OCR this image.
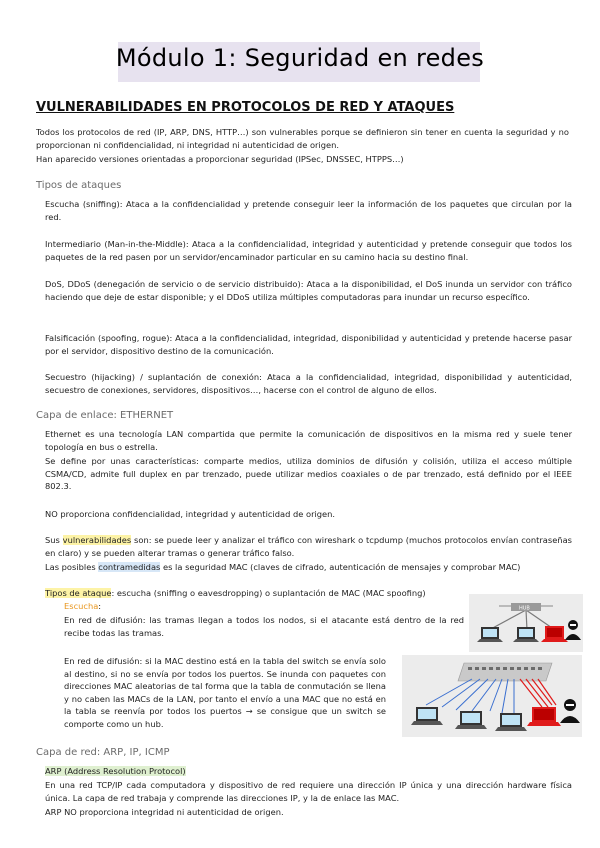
Módulo 1: Seguridad en redes
VULNERABILIDADES EN PROTOCOLOS DE RED Y ATAQUES
Todos los protocolos de red (IP, ARP, DNS, HTTP…) son vulnerables porque se definieron sin tener en cuenta la seguridad y no proporcionan ni confidencialidad, ni integridad ni autenticidad de origen.
Han aparecido versiones orientadas a proporcionar seguridad (IPSec, DNSSEC, HTPPS…)
Tipos de ataques
Escucha (sniffing): Ataca a la confidencialidad y pretende conseguir leer la información de los paquetes que circulan por la red.
Intermediario (Man-in-the-Middle): Ataca a la confidencialidad, integridad y autenticidad y pretende conseguir que todos los paquetes de la red pasen por un servidor/encaminador particular en su camino hacia su destino final.
DoS, DDoS (denegación de servicio o de servicio distribuido): Ataca a la disponibilidad, el DoS inunda un servidor con tráfico haciendo que deje de estar disponible; y el DDoS utiliza múltiples computadoras para inundar un recurso específico.
Falsificación (spoofing, rogue): Ataca a la confidencialidad, integridad, disponibilidad y autenticidad y pretende hacerse pasar por el servidor, dispositivo destino de la comunicación.
Secuestro (hijacking) / suplantación de conexión: Ataca a la confidencialidad, integridad, disponibilidad y autenticidad, secuestro de conexiones, servidores, dispositivos…, hacerse con el control de alguno de ellos.
Capa de enlace: ETHERNET
Ethernet es una tecnología LAN compartida que permite la comunicación de dispositivos en la misma red y suele tener topología en bus o estrella.
Se define por unas características: comparte medios, utiliza dominios de difusión y colisión, utiliza el acceso múltiple CSMA/CD, admite full duplex en par trenzado, puede utilizar medios coaxiales o de par trenzado, está definido por el IEEE 802.3.
NO proporciona confidencialidad, integridad y autenticidad de origen.
Sus vulnerabilidades son: se puede leer y analizar el tráfico con wireshark o tcpdump (muchos protocolos envían contraseñas en claro) y se pueden alterar tramas o generar tráfico falso.
Las posibles contramedidas es la seguridad MAC (claves de cifrado, autenticación de mensajes y comprobar MAC)
Tipos de ataque: escucha (sniffing o eavesdropping) o suplantación de MAC (MAC spoofing)
Escucha:
En red de difusión: las tramas llegan a todos los nodos, si el atacante está dentro de la red recibe todas las tramas.
En red de difusión: si la MAC destino está en la tabla del switch se envía solo al destino, si no se envía por todos los puertos. Se inunda con paquetes con direcciones MAC aleatorias de tal forma que la tabla de conmutación se llena y no caben las MACs de la LAN, por tanto el envío a una MAC que no está en la tabla se reenvía por todos los puertos → se consigue que un switch se comporte como un hub.
HUB
Capa de red: ARP, IP, ICMP
ARP (Address Resolution Protocol)
En una red TCP/IP cada computadora y dispositivo de red requiere una dirección IP única y una dirección hardware física única. La capa de red trabaja y comprende las direcciones IP, y la de enlace las MAC.
ARP NO proporciona integridad ni autenticidad de origen.
